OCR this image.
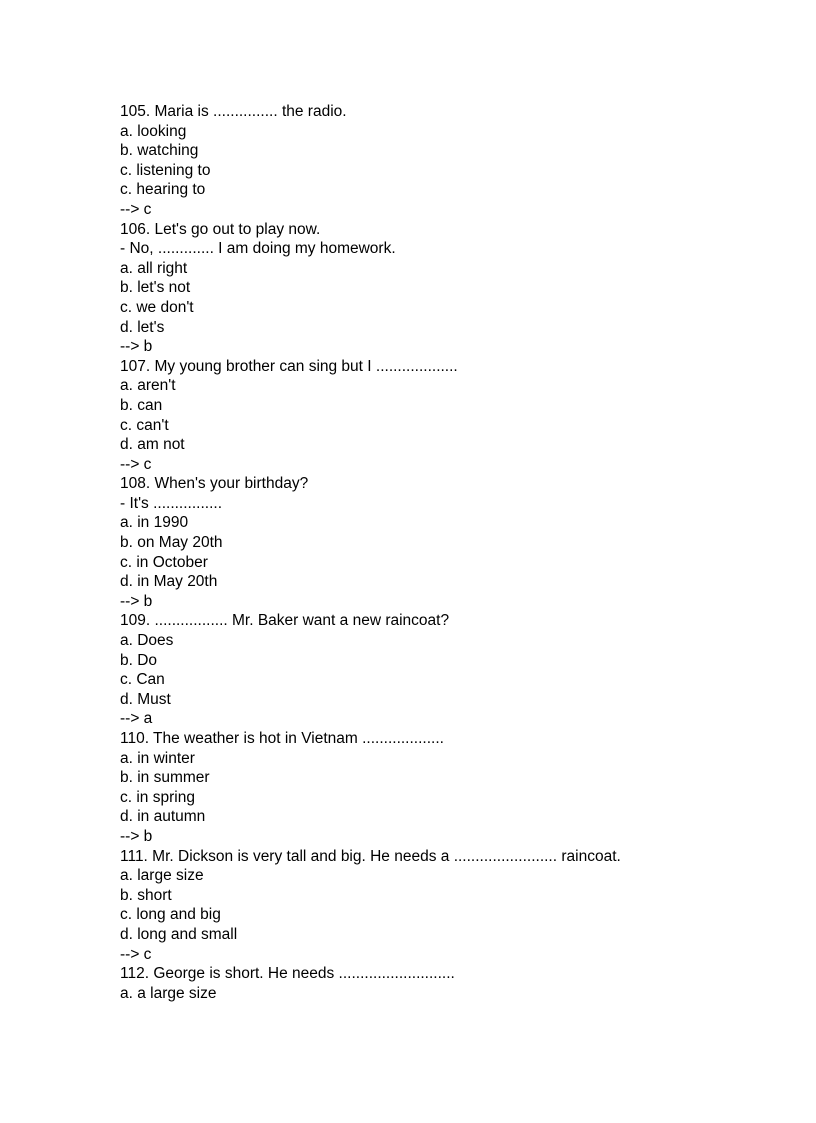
105. Maria is ............... the radio.
a. looking
b. watching
c. listening to
c. hearing to
--> c
106. Let's go out to play now.
- No, ............. I am doing my homework.
a. all right
b. let's not
c. we don't
d. let's
--> b
107. My young brother can sing but I ...................
a. aren't
b. can
c. can't
d. am not
--> c
108. When's your birthday?
- It's ................
a. in 1990
b. on May 20th
c. in October
d. in May 20th
--> b
109. ................. Mr. Baker want a new raincoat?
a. Does
b. Do
c. Can
d. Must
--> a
110. The weather is hot in Vietnam ...................
a. in winter
b. in summer
c. in spring
d. in autumn
--> b
111. Mr. Dickson is very tall and big. He needs a ........................ raincoat.
a. large size
b. short
c. long and big
d. long and small
--> c
112. George is short. He needs ...........................
a. a large size
